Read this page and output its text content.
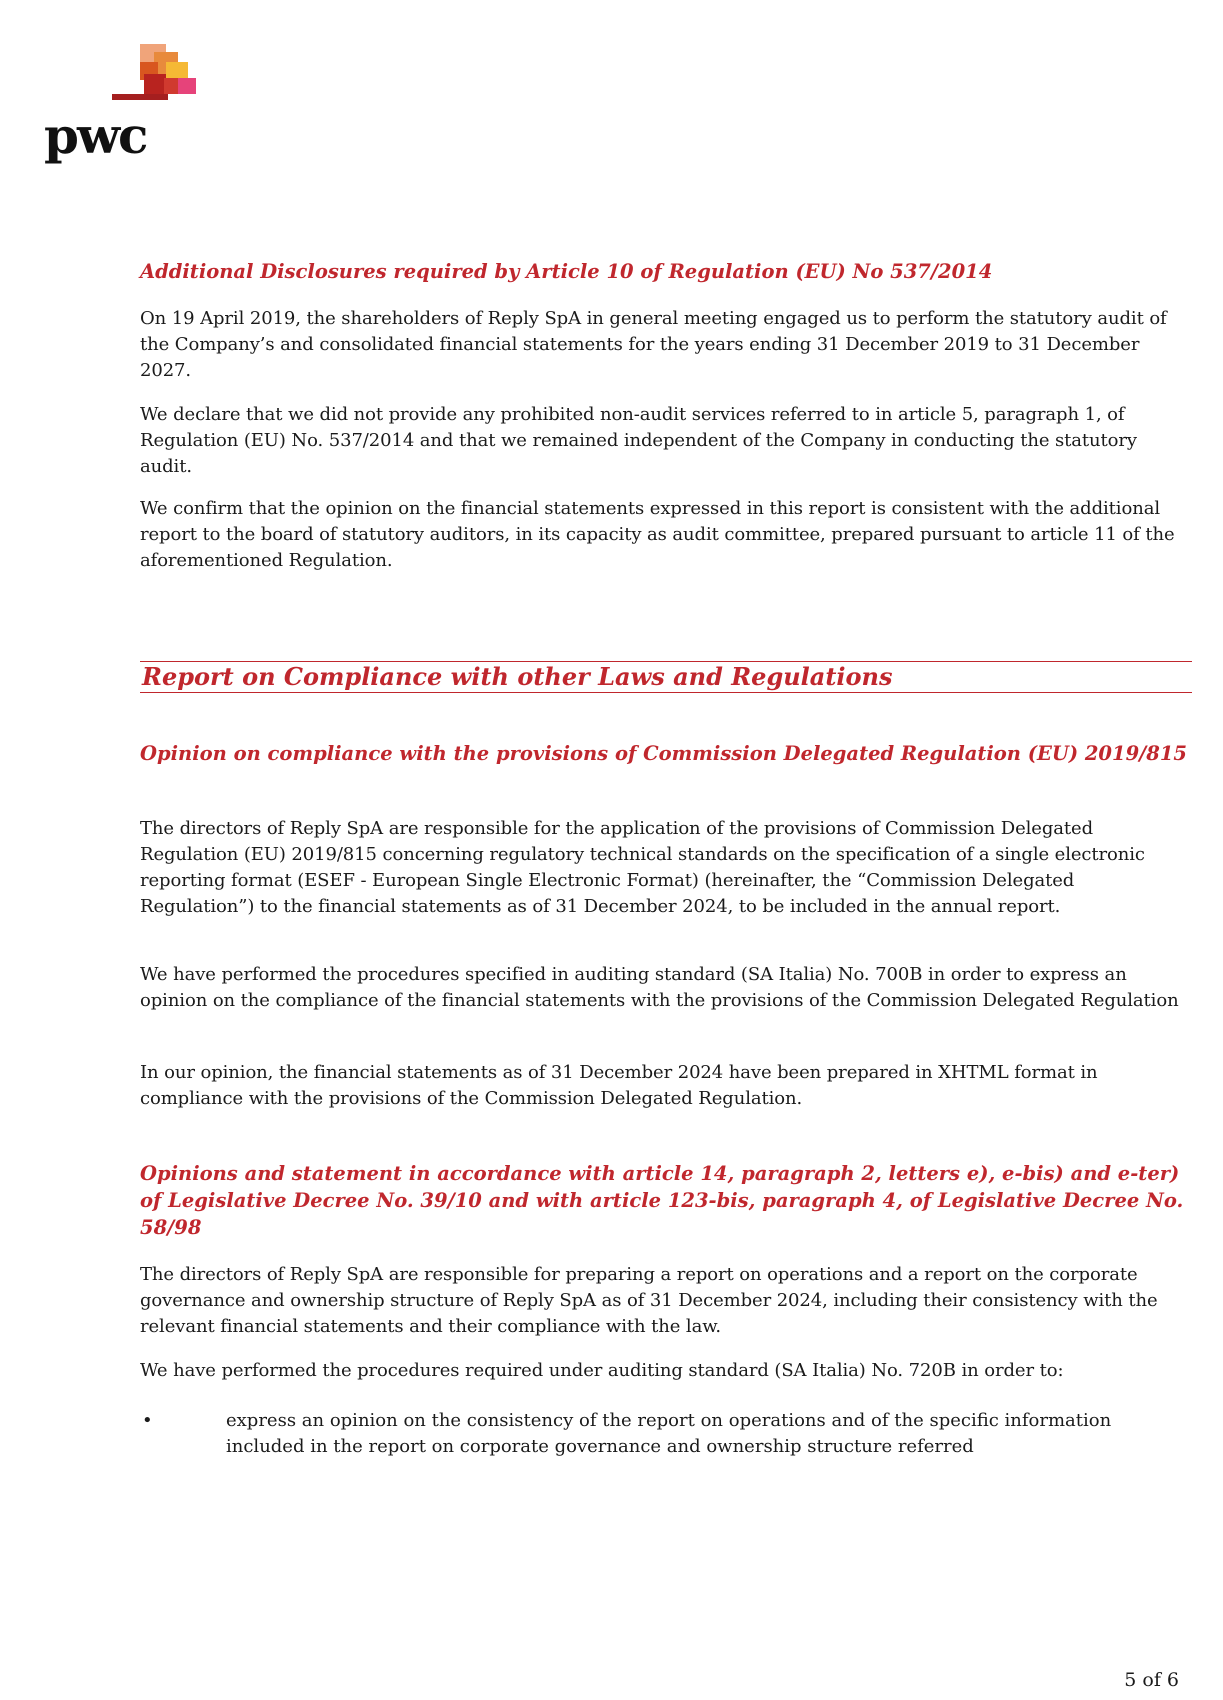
pwc
Additional Disclosures required by Article 10 of Regulation (EU) No 537/2014

On 19 April 2019, the shareholders of Reply SpA in general meeting engaged us to perform the statutory audit of the Company’s and consolidated financial statements for the years ending 31 December 2019 to 31 December 2027.

We declare that we did not provide any prohibited non-audit services referred to in article 5, paragraph 1, of Regulation (EU) No. 537/2014 and that we remained independent of the Company in conducting the statutory audit.

We confirm that the opinion on the financial statements expressed in this report is consistent with the additional report to the board of statutory auditors, in its capacity as audit committee, prepared pursuant to article 11 of the aforementioned Regulation.

Report on Compliance with other Laws and Regulations
Opinion on compliance with the provisions of Commission Delegated Regulation (EU) 2019/815

The directors of Reply SpA are responsible for the application of the provisions of Commission Delegated Regulation (EU) 2019/815 concerning regulatory technical standards on the specification of a single electronic reporting format (ESEF - European Single Electronic Format) (hereinafter, the “Commission Delegated Regulation”) to the financial statements as of 31 December 2024, to be included in the annual report.

We have performed the procedures specified in auditing standard (SA Italia) No. 700B in order to express an opinion on the compliance of the financial statements with the provisions of the Commission Delegated Regulation

In our opinion, the financial statements as of 31 December 2024 have been prepared in XHTML format in compliance with the provisions of the Commission Delegated Regulation.

Opinions and statement in accordance with article 14, paragraph 2, letters e), e-bis) and e-ter) of Legislative Decree No. 39/10 and with article 123-bis, paragraph 4, of Legislative Decree No. 58/98

The directors of Reply SpA are responsible for preparing a report on operations and a report on the corporate governance and ownership structure of Reply SpA as of 31 December 2024, including their consistency with the relevant financial statements and their compliance with the law.

We have performed the procedures required under auditing standard (SA Italia) No. 720B in order to:

•	express an opinion on the consistency of the report on operations and of the specific information included in the report on corporate governance and ownership structure referred
5 of 6
